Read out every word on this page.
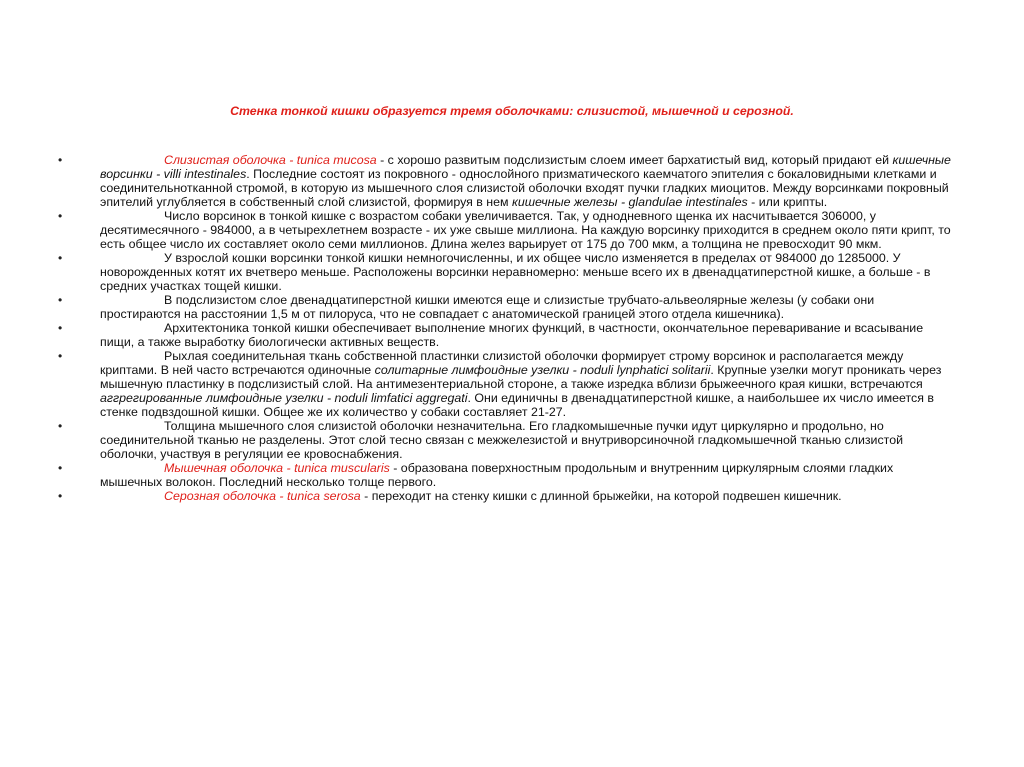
Стенка тонкой кишки образуется тремя оболочками: слизистой, мышечной и серозной.
•	Слизистая оболочка - tunica mucosa - с хорошо развитым подслизистым слоем имеет бархатистый вид, который придают ей кишечные ворсинки - villi intestinales. Последние состоят из покровного - однослойного призматического каемчатого эпителия с бокаловидными клетками и соединительнотканной стромой, в которую из мышечного слоя слизистой оболочки входят пучки гладких миоцитов. Между ворсинками покровный эпителий углубляется в собственный слой слизистой, формируя в нем кишечные железы - glandulae intestinales - или крипты.
•	Число ворсинок в тонкой кишке с возрастом собаки увеличивается. Так, у однодневного щенка их насчитывается 306000, у десятимесячного - 984000, а в четырехлетнем возрасте - их уже свыше миллиона. На каждую ворсинку приходится в среднем около пяти крипт, то есть общее число их составляет около семи миллионов. Длина желез варьирует от 175 до 700 мкм, а толщина не превосходит 90 мкм.
•	У взрослой кошки ворсинки тонкой кишки немногочисленны, и их общее число изменяется в пределах от 984000 до 1285000. У новорожденных котят их вчетверо меньше. Расположены ворсинки неравномерно: меньше всего их в двенадцатиперстной кишке, а больше - в средних участках тощей кишки.
•	В подслизистом слое двенадцатиперстной кишки имеются еще и слизистые трубчато-альвеолярные железы (у собаки они простираются на расстоянии 1,5 м от пилоруса, что не совпадает с анатомической границей этого отдела кишечника).
•	Архитектоника тонкой кишки обеспечивает выполнение многих функций, в частности, окончательное переваривание и всасывание пищи, а также выработку биологически активных веществ.
•	Рыхлая соединительная ткань собственной пластинки слизистой оболочки формирует строму ворсинок и располагается между криптами. В ней часто встречаются одиночные солитарные лимфоидные узелки - noduli lynphatici solitarii. Крупные узелки могут проникать через мышечную пластинку в подслизистый слой. На антимезентериальной стороне, а также изредка вблизи брыжеечного края кишки, встречаются аггрегированные лимфоидные узелки - noduli limfatici aggregati. Они единичны в двенадцатиперстной кишке, а наибольшее их число имеется в стенке подвздошной кишки. Общее же их количество у собаки составляет 21-27.
•	Толщина мышечного слоя слизистой оболочки незначительна. Его гладкомышечные пучки идут циркулярно и продольно, но соединительной тканью не разделены. Этот слой тесно связан с межжелезистой и внутриворсиночной гладкомышечной тканью слизистой оболочки, участвуя в регуляции ее кровоснабжения.
•	Мышечная оболочка - tunica muscularis - образована поверхностным продольным и внутренним циркулярным слоями гладких мышечных волокон. Последний несколько толще первого.
•	Серозная оболочка - tunica serosa - переходит на стенку кишки с длинной брыжейки, на которой подвешен кишечник.
